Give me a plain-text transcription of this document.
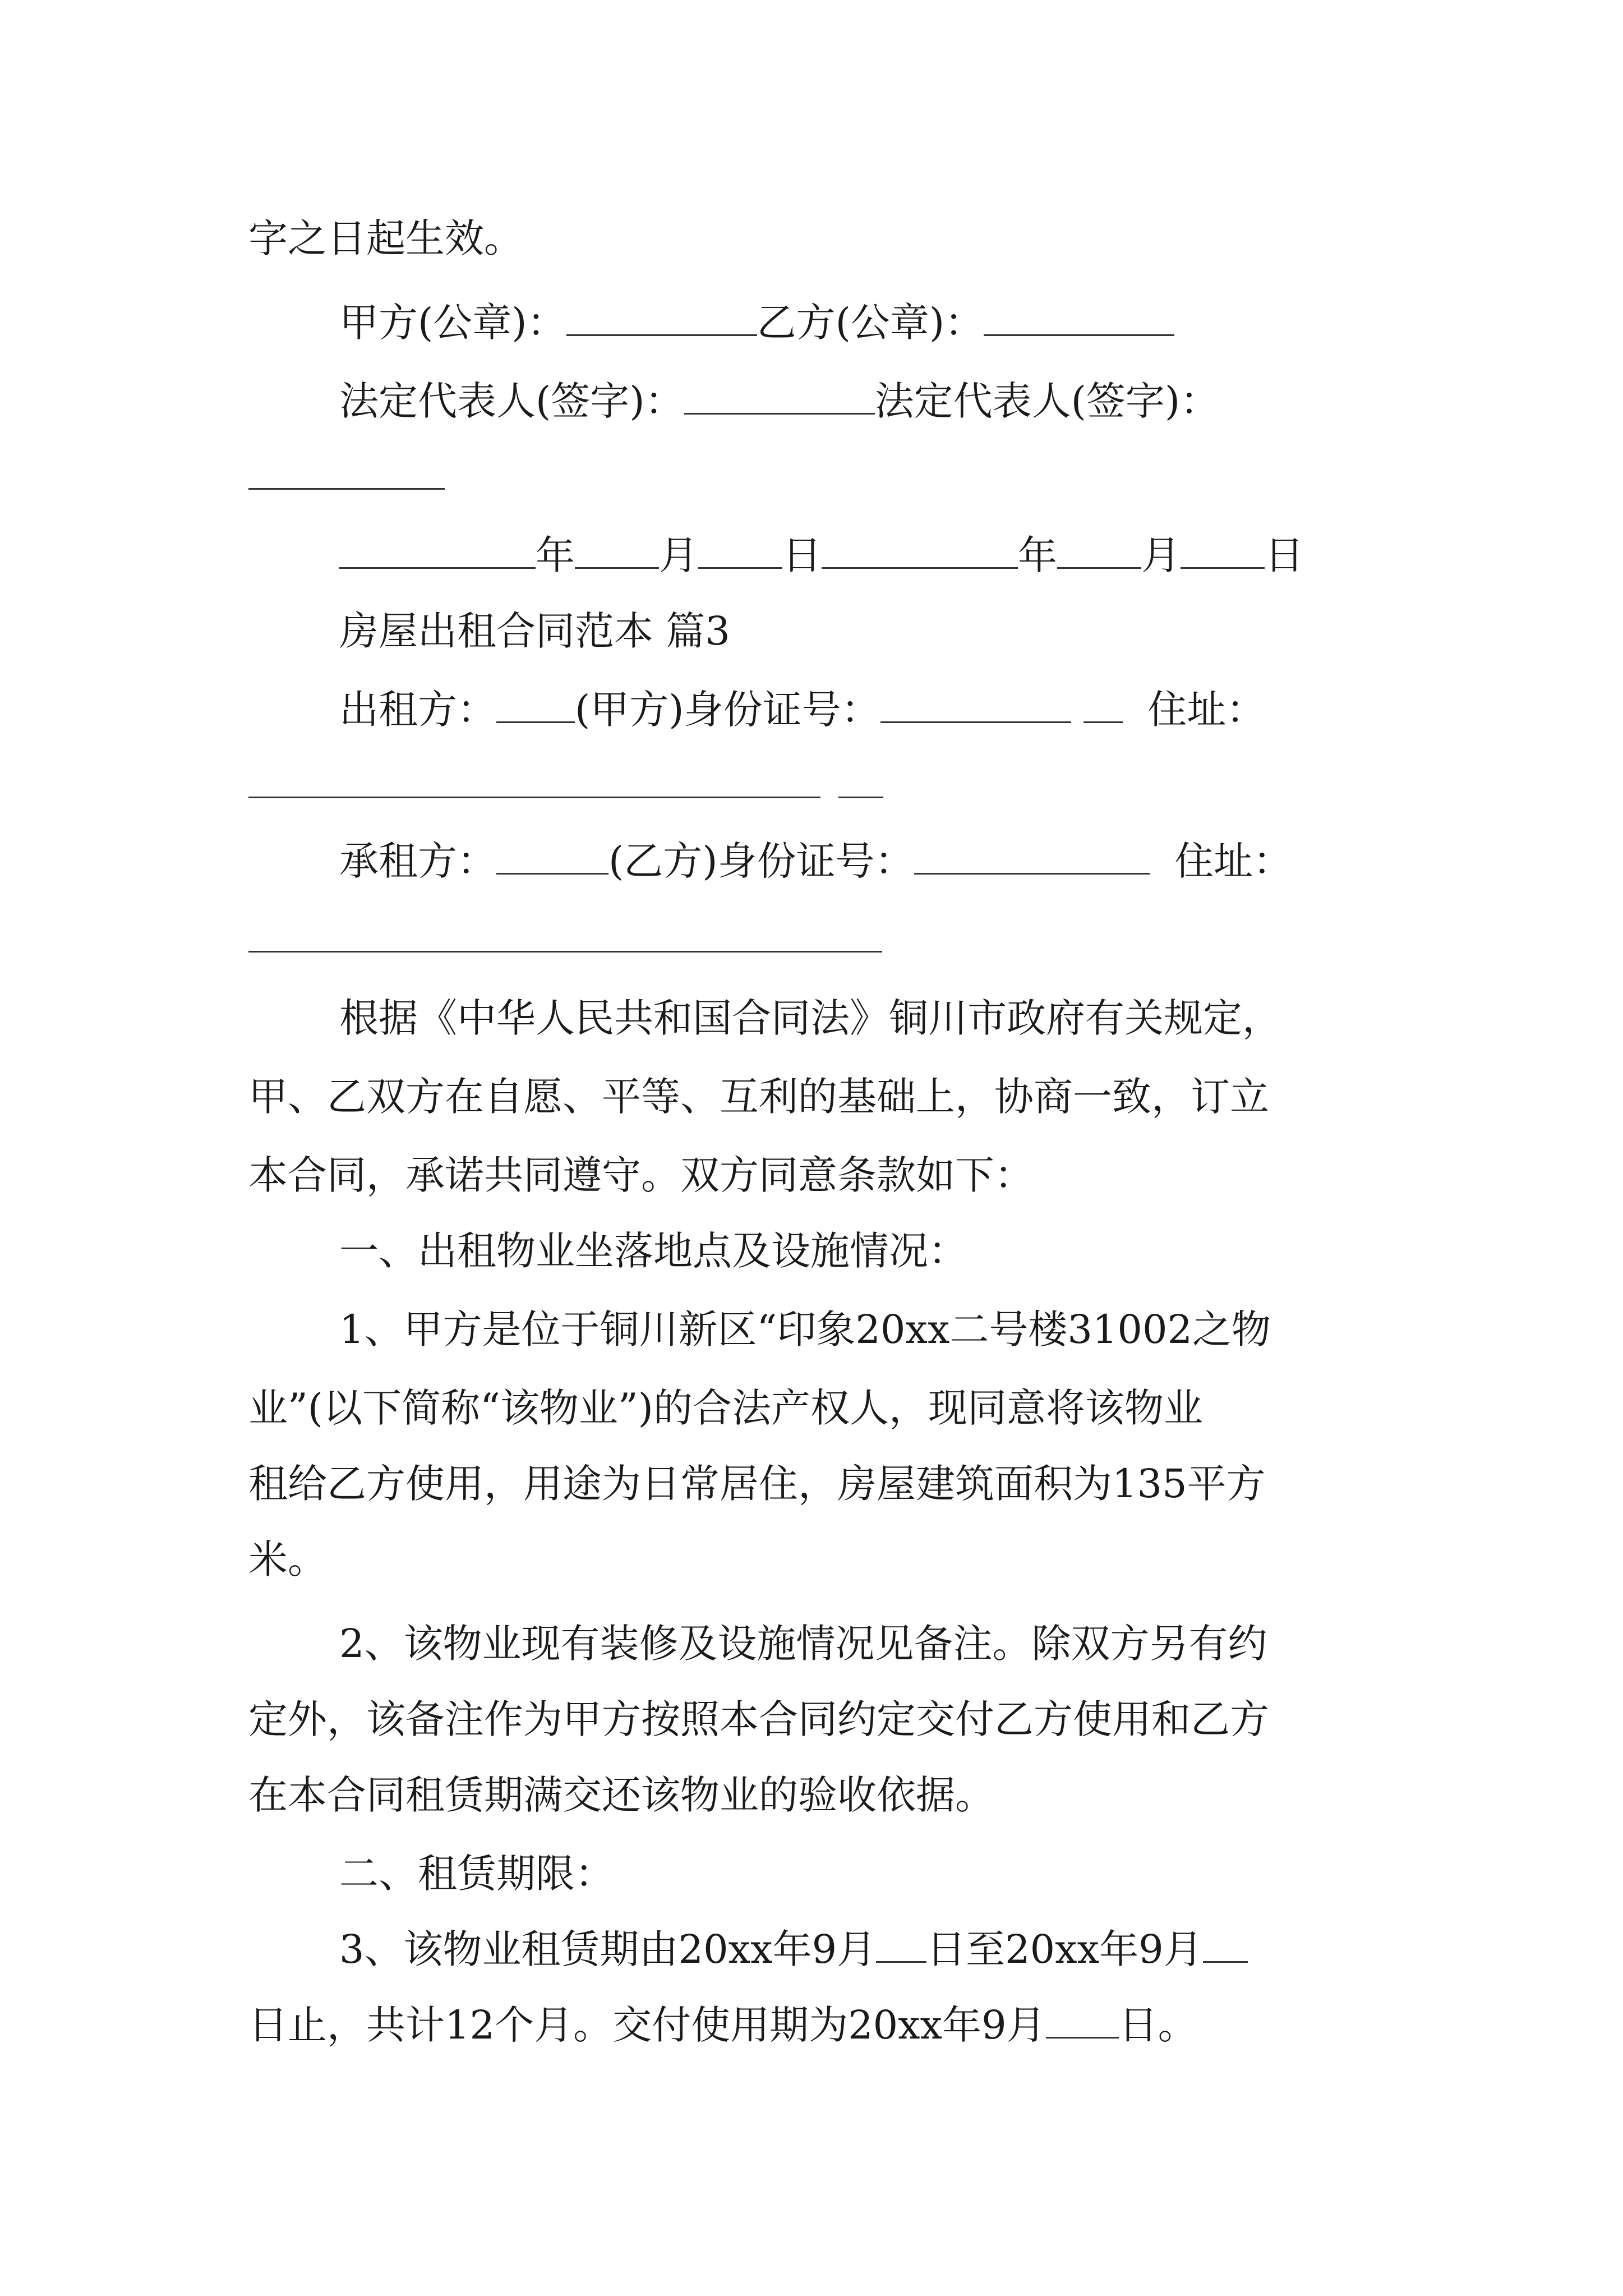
字之日起生效。
甲方(公章)：	乙方(公章)：
法定代表人(签字)：	法定代表人(签字)：
年 月 日	年 月 日
房屋出租合同范本 篇3
出租方： (甲方)身份证号：	住址：
承租方：	(乙方)身份证号：	住址：
根据《中华人民共和国合同法》铜川市政府有关规定，
甲、乙双方在自愿、平等、互利的基础上，协商一致，订立
本合同，承诺共同遵守。双方同意条款如下：
一、出租物业坐落地点及设施情况：
1、甲方是位于铜川新区“印象20xx二号楼31002之物
业”(以下简称“该物业”)的合法产权人，现同意将该物业
租给乙方使用，用途为日常居住，房屋建筑面积为135平方
米。
2、该物业现有装修及设施情况见备注。除双方另有约
定外，该备注作为甲方按照本合同约定交付乙方使用和乙方
在本合同租赁期满交还该物业的验收依据。
二、租赁期限：
3、该物业租赁期由20xx年9月 日至20xx年9月
日止，共计12个月。交付使用期为20xx年9月 日。
